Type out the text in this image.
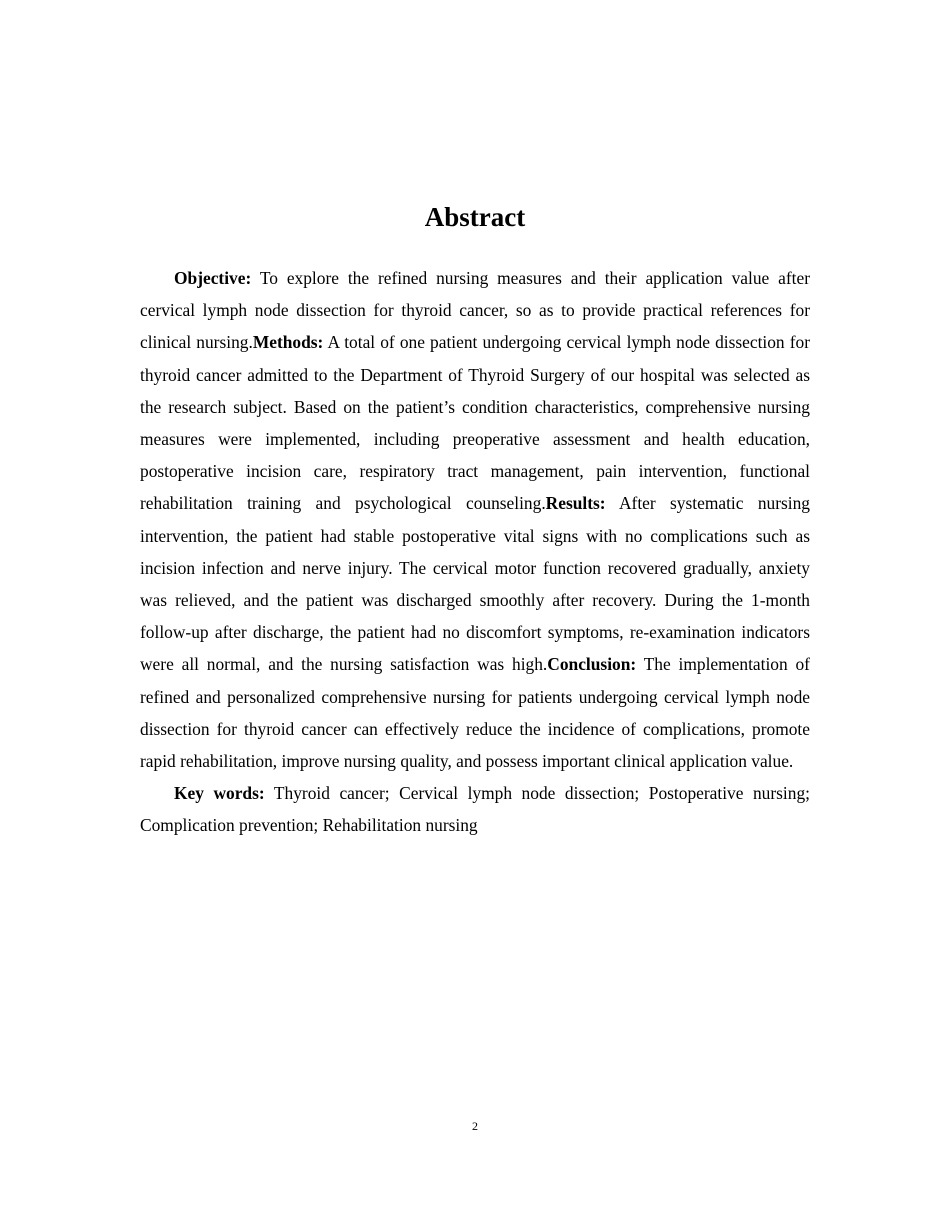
Abstract

Objective: To explore the refined nursing measures and their application value after cervical lymph node dissection for thyroid cancer, so as to provide practical references for clinical nursing.Methods: A total of one patient undergoing cervical lymph node dissection for thyroid cancer admitted to the Department of Thyroid Surgery of our hospital was selected as the research subject. Based on the patient’s condition characteristics, comprehensive nursing measures were implemented, including preoperative assessment and health education, postoperative incision care, respiratory tract management, pain intervention, functional rehabilitation training and psychological counseling.Results: After systematic nursing intervention, the patient had stable postoperative vital signs with no complications such as incision infection and nerve injury. The cervical motor function recovered gradually, anxiety was relieved, and the patient was discharged smoothly after recovery. During the 1-month follow-up after discharge, the patient had no discomfort symptoms, re-examination indicators were all normal, and the nursing satisfaction was high.Conclusion: The implementation of refined and personalized comprehensive nursing for patients undergoing cervical lymph node dissection for thyroid cancer can effectively reduce the incidence of complications, promote rapid rehabilitation, improve nursing quality, and possess important clinical application value.

Key words: Thyroid cancer; Cervical lymph node dissection; Postoperative nursing; Complication prevention; Rehabilitation nursing

2
